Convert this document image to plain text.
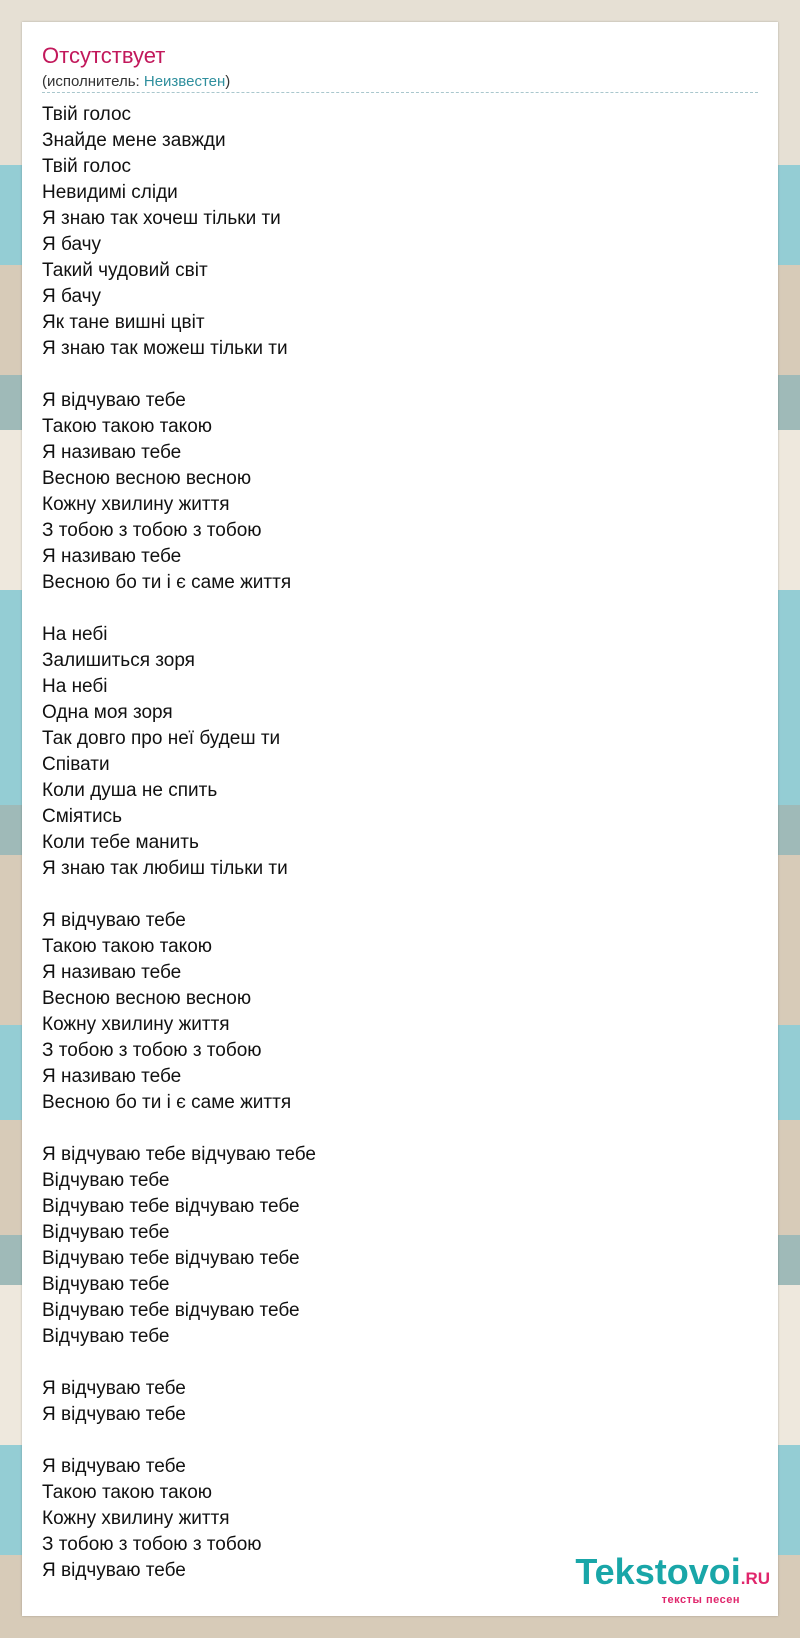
Отсутствует
(исполнитель: Неизвестен)
Твій голос
Знайде мене завжди
Твій голос
Невидимі сліди
Я знаю так хочеш тільки ти
Я бачу
Такий чудовий світ
Я бачу
Як тане вишні цвіт
Я знаю так можеш тільки ти
Я відчуваю тебе
Такою такою такою
Я називаю тебе
Весною весною весною
Кожну хвилину життя
З тобою з тобою з тобою
Я називаю тебе
Весною бо ти і є саме життя
На небі
Залишиться зоря
На небі
Одна моя зоря
Так довго про неї будеш ти
Співати
Коли душа не спить
Сміятись
Коли тебе манить
Я знаю так любиш тільки ти
Я відчуваю тебе
Такою такою такою
Я називаю тебе
Весною весною весною
Кожну хвилину життя
З тобою з тобою з тобою
Я називаю тебе
Весною бо ти і є саме життя
Я відчуваю тебе відчуваю тебе
Відчуваю тебе
Відчуваю тебе відчуваю тебе
Відчуваю тебе
Відчуваю тебе відчуваю тебе
Відчуваю тебе
Відчуваю тебе відчуваю тебе
Відчуваю тебе
Я відчуваю тебе
Я відчуваю тебе
Я відчуваю тебе
Такою такою такою
Кожну хвилину життя
З тобою з тобою з тобою
Я відчуваю тебе	Tekstovoi.RU
тексты песен
